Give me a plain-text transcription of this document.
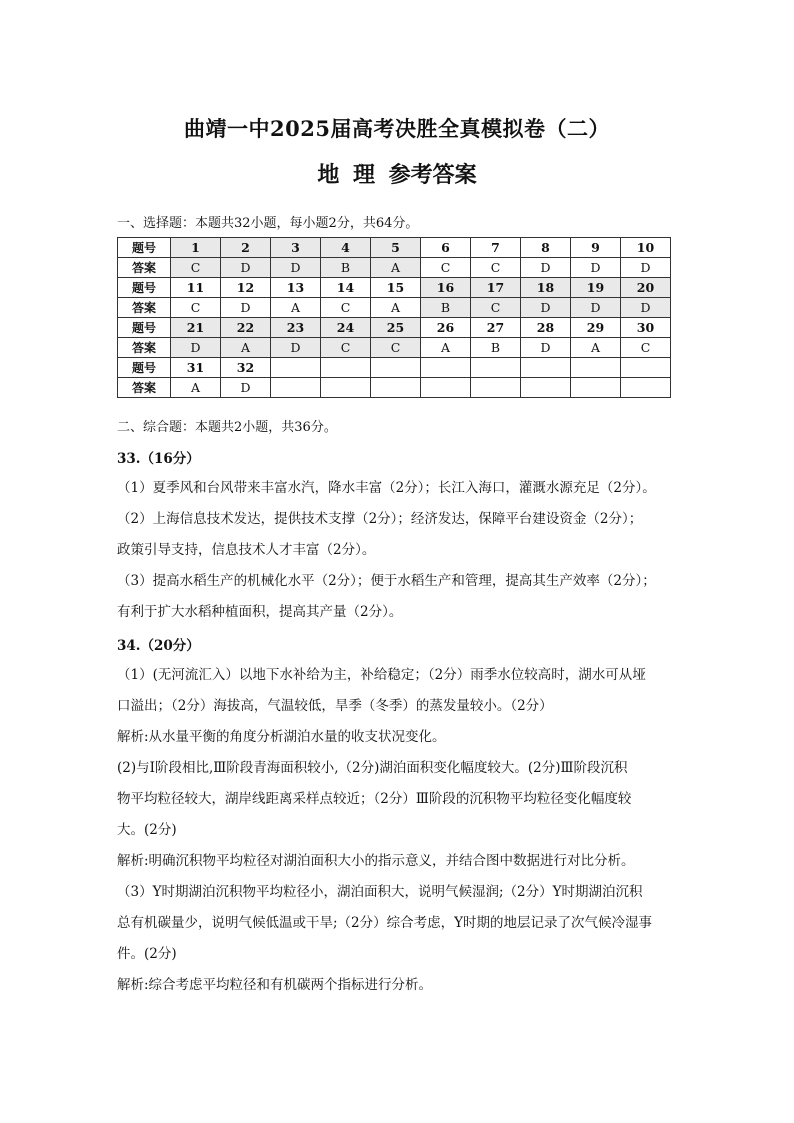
曲靖一中2025届高考决胜全真模拟卷（二）
地 理 参考答案
一、选择题：本题共32小题，每小题2分，共64分。
题号	1	2	3	4	5	6	7	8	9	10
答案	C	D	D	B	A	C	C	D	D	D
题号	11	12	13	14	15	16	17	18	19	20
答案	C	D	A	C	A	B	C	D	D	D
题号	21	22	23	24	25	26	27	28	29	30
答案	D	A	D	C	C	A	B	D	A	C
题号	31	32								
答案	A	D								
二、综合题：本题共2小题，共36分。
33.（16分）
（1）夏季风和台风带来丰富水汽，降水丰富（2分）；长江入海口，灌溉水源充足（2分）。
（2）上海信息技术发达，提供技术支撑（2分）；经济发达，保障平台建设资金（2分）；
政策引导支持，信息技术人才丰富（2分）。
（3）提高水稻生产的机械化水平（2分）；便于水稻生产和管理，提高其生产效率（2分）；
有利于扩大水稻种植面积，提高其产量（2分）。
34.（20分）
（1）(无河流汇入）以地下水补给为主，补给稳定；（2分）雨季水位较高时，湖水可从垭
口溢出；（2分）海拔高，气温较低，旱季（冬季）的蒸发量较小。（2分）
解析:从水量平衡的角度分析湖泊水量的收支状况变化。
(2)与Ⅰ阶段相比,Ⅲ阶段青海面积较小,（2分)湖泊面积变化幅度较大。(2分)Ⅲ阶段沉积
物平均粒径较大，湖岸线距离采样点较近；（2分）Ⅲ阶段的沉积物平均粒径变化幅度较
大。(2分)
解析:明确沉积物平均粒径对湖泊面积大小的指示意义，并结合图中数据进行对比分析。
（3）Y时期湖泊沉积物平均粒径小，湖泊面积大，说明气候湿润;（2分）Y时期湖泊沉积
总有机碳量少，说明气候低温或干旱;（2分）综合考虑，Y时期的地层记录了次气候冷湿事
件。(2分)
解析:综合考虑平均粒径和有机碳两个指标进行分析。
